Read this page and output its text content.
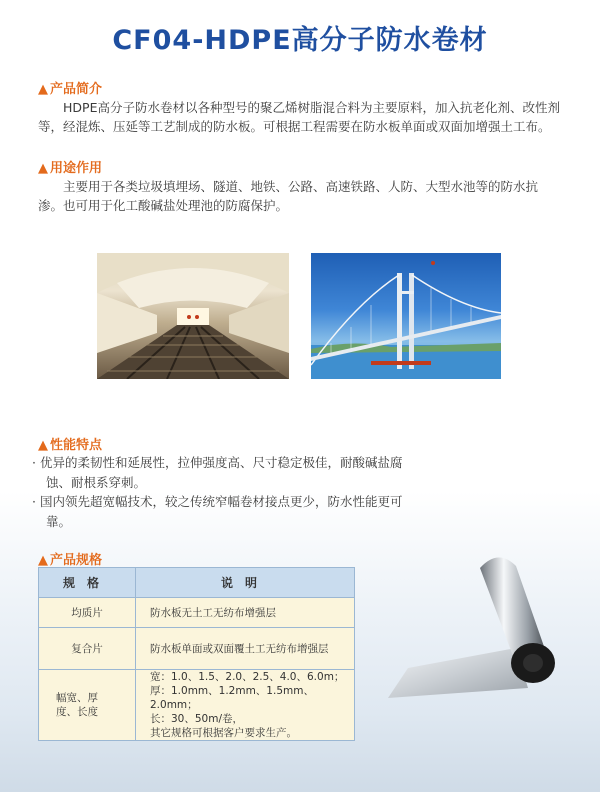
CF04-HDPE高分子防水卷材
▲ 产品简介
HDPE高分子防水卷材以各种型号的聚乙烯树脂混合料为主要原料，加入抗老化剂、改性剂等，经混炼、压延等工艺制成的防水板。可根据工程需要在防水板单面或双面加增强土工布。
▲ 用途作用
主要用于各类垃圾填埋场、隧道、地铁、公路、高速铁路、人防、大型水池等的防水抗渗。也可用于化工酸碱盐处理池的防腐保护。
▲ 性能特点
· 优异的柔韧性和延展性，拉伸强度高、尺寸稳定极佳，耐酸碱盐腐蚀、耐根系穿刺。
· 国内领先超宽幅技术，较之传统窄幅卷材接点更少，防水性能更可靠。
▲ 产品规格
规格	说明
均质片	防水板无土工无纺布增强层
复合片	防水板单面或双面覆土工无纺布增强层
幅宽、厚度、长度	宽：1.0、1.5、2.0、2.5、4.0、6.0m；
厚：1.0mm、1.2mm、1.5mm、2.0mm；
长：30、50m/卷，
其它规格可根据客户要求生产。
